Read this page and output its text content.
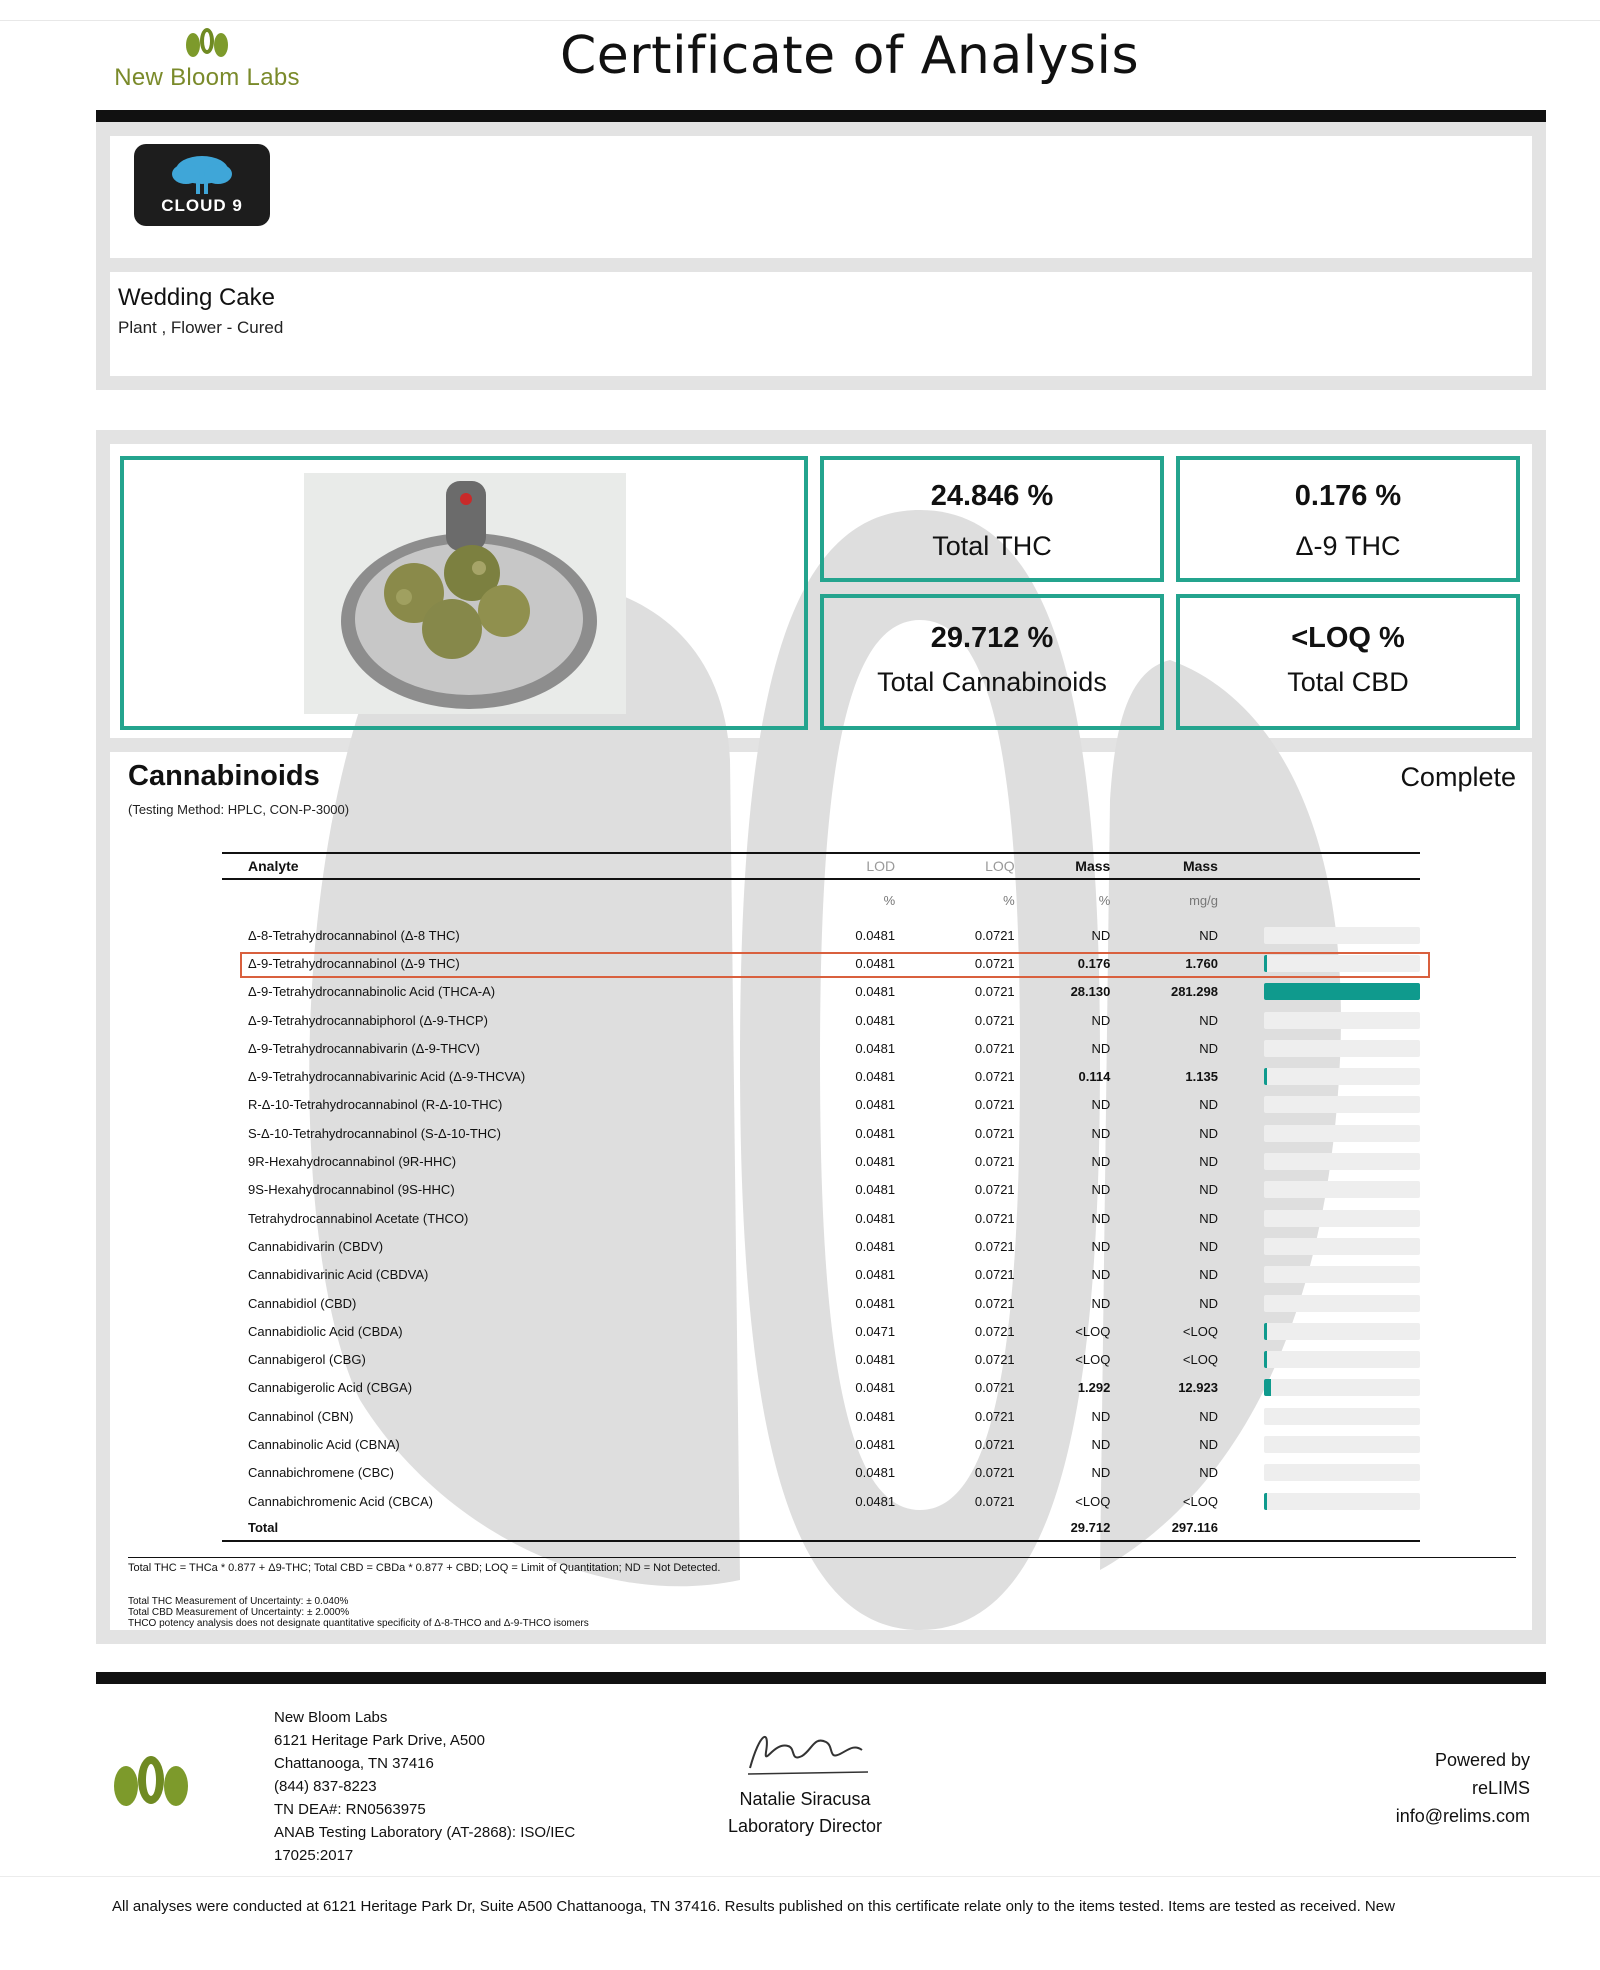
New Bloom Labs	Certificate of Analysis
CLOUD 9
Wedding Cake
Plant , Flower - Cured
24.846 %
Total THC
0.176 %
Δ-9 THC
29.712 %
Total Cannabinoids
<LOQ %
Total CBD
Cannabinoids	Complete
(Testing Method: HPLC, CON-P-3000)
Analyte	LOD	LOQ	Mass	Mass	
	%	%	%	mg/g	
Δ-8-Tetrahydrocannabinol (Δ-8 THC)	0.0481	0.0721	ND	ND	

Δ-9-Tetrahydrocannabinol (Δ-9 THC)	0.0481	0.0721	0.176	1.760	

Δ-9-Tetrahydrocannabinolic Acid (THCA-A)	0.0481	0.0721	28.130	281.298	

Δ-9-Tetrahydrocannabiphorol (Δ-9-THCP)	0.0481	0.0721	ND	ND	

Δ-9-Tetrahydrocannabivarin (Δ-9-THCV)	0.0481	0.0721	ND	ND	

Δ-9-Tetrahydrocannabivarinic Acid (Δ-9-THCVA)	0.0481	0.0721	0.114	1.135	

R-Δ-10-Tetrahydrocannabinol (R-Δ-10-THC)	0.0481	0.0721	ND	ND	

S-Δ-10-Tetrahydrocannabinol (S-Δ-10-THC)	0.0481	0.0721	ND	ND	

9R-Hexahydrocannabinol (9R-HHC)	0.0481	0.0721	ND	ND	

9S-Hexahydrocannabinol (9S-HHC)	0.0481	0.0721	ND	ND	

Tetrahydrocannabinol Acetate (THCO)	0.0481	0.0721	ND	ND	

Cannabidivarin (CBDV)	0.0481	0.0721	ND	ND	

Cannabidivarinic Acid (CBDVA)	0.0481	0.0721	ND	ND	

Cannabidiol (CBD)	0.0481	0.0721	ND	ND	

Cannabidiolic Acid (CBDA)	0.0471	0.0721	<LOQ	<LOQ	

Cannabigerol (CBG)	0.0481	0.0721	<LOQ	<LOQ	

Cannabigerolic Acid (CBGA)	0.0481	0.0721	1.292	12.923	

Cannabinol (CBN)	0.0481	0.0721	ND	ND	

Cannabinolic Acid (CBNA)	0.0481	0.0721	ND	ND	

Cannabichromene (CBC)	0.0481	0.0721	ND	ND	

Cannabichromenic Acid (CBCA)	0.0481	0.0721	<LOQ	<LOQ	

Total			29.712	297.116	
Total THC = THCa * 0.877 + Δ9-THC; Total CBD = CBDa * 0.877 + CBD; LOQ = Limit of Quantitation; ND = Not Detected.
Total THC Measurement of Uncertainty: ± 0.040%
Total CBD Measurement of Uncertainty: ± 2.000%
THCO potency analysis does not designate quantitative specificity of Δ-8-THCO and Δ-9-THCO isomers
New Bloom Labs
6121 Heritage Park Drive, A500
Chattanooga, TN 37416
(844) 837-8223
TN DEA#: RN0563975
ANAB Testing Laboratory (AT-2868): ISO/IEC
17025:2017
Natalie Siracusa
Laboratory Director
Powered by
reLIMS
info@relims.com
All analyses were conducted at 6121 Heritage Park Dr, Suite A500 Chattanooga, TN 37416. Results published on this certificate relate only to the items tested. Items are tested as received. New
